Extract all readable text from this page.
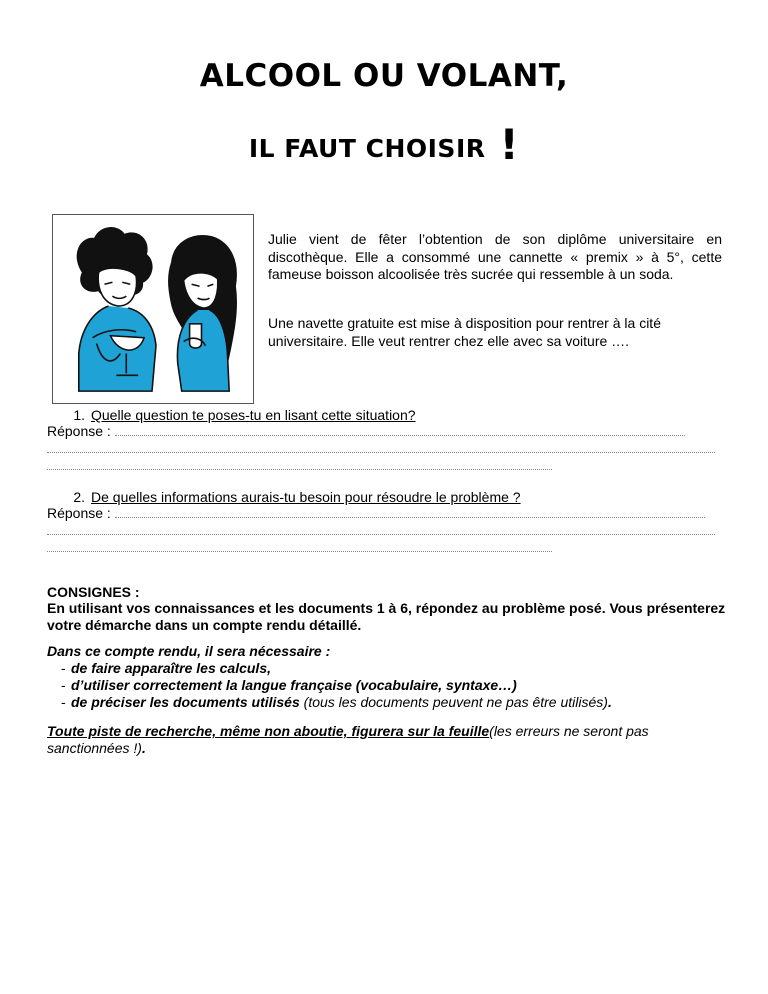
ALCOOL OU VOLANT,
IL FAUT CHOISIR !
Julie vient de fêter l’obtention de son diplôme universitaire en discothèque. Elle a consommé une cannette « premix » à 5°, cette fameuse boisson alcoolisée très sucrée qui ressemble à un soda.
Une navette gratuite est mise à disposition pour rentrer à la cité universitaire. Elle veut rentrer chez elle avec sa voiture ….
1. Quelle question te poses-tu en lisant cette situation?
Réponse :
2. De quelles informations aurais-tu besoin pour résoudre le problème ?
Réponse :
CONSIGNES :
En utilisant vos connaissances et les documents 1 à 6, répondez au problème posé. Vous présenterez votre démarche dans un compte rendu détaillé.
Dans ce compte rendu, il sera nécessaire :
- de faire apparaître les calculs,
- d’utiliser correctement la langue française (vocabulaire, syntaxe…)
- de préciser les documents utilisés (tous les documents peuvent ne pas être utilisés).
Toute piste de recherche, même non aboutie, figurera sur la feuille(les erreurs ne seront pas sanctionnées !).
